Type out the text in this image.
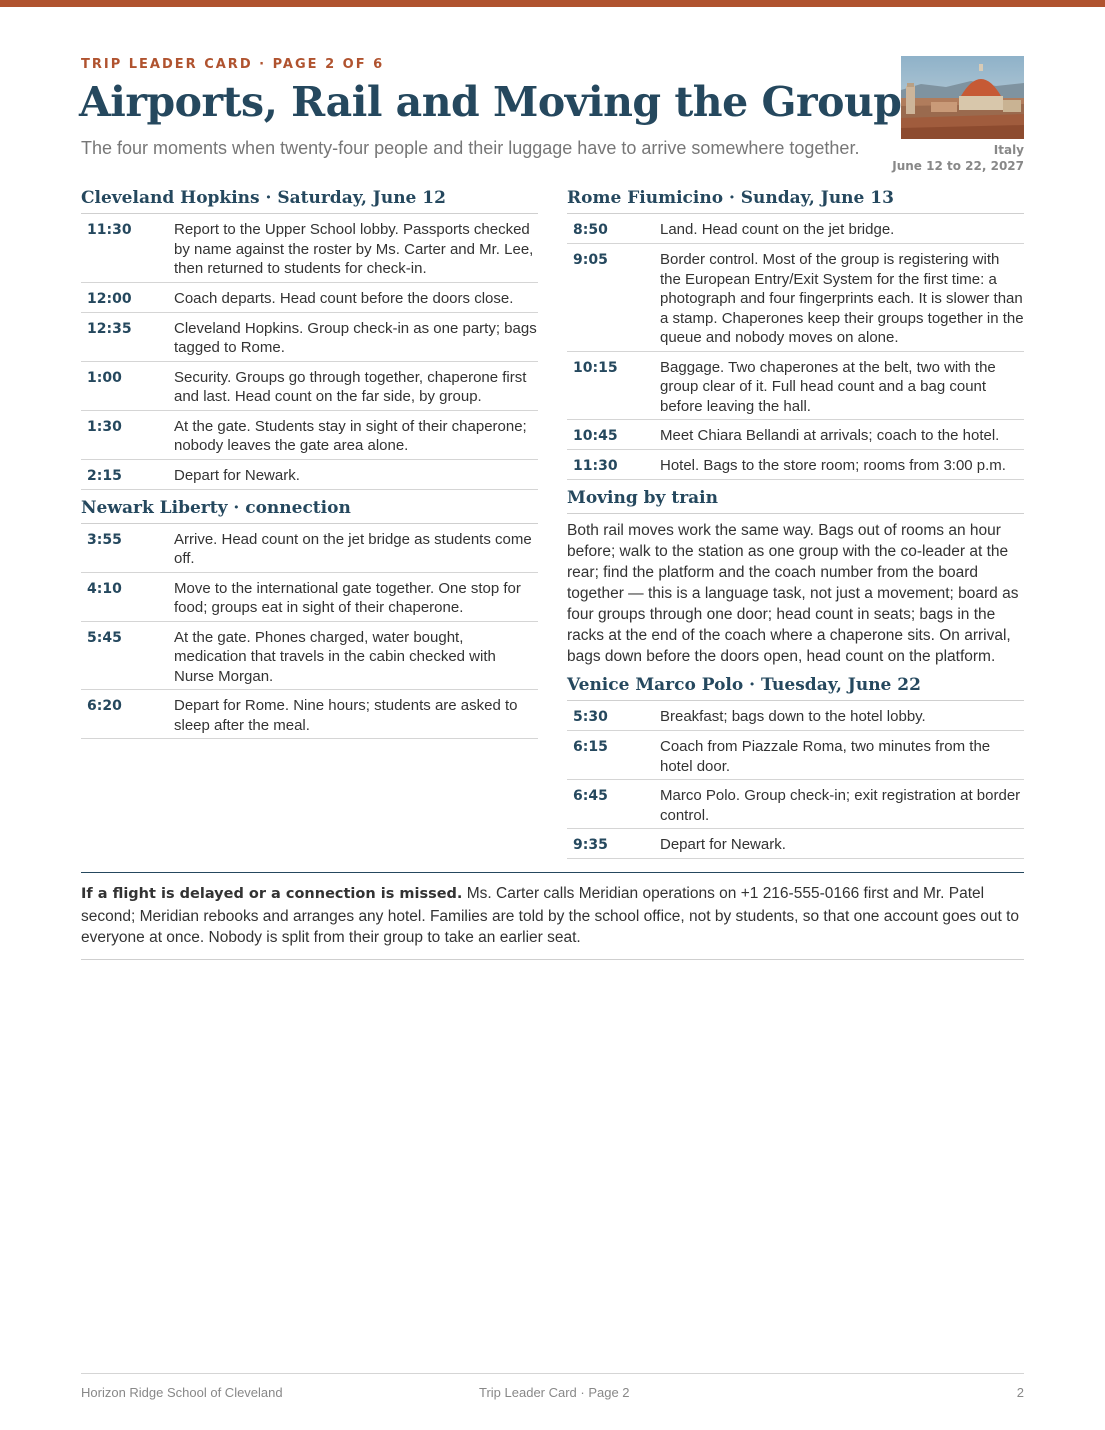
TRIP LEADER CARD · PAGE 2 OF 6
Airports, Rail and Moving the Group

The four moments when twenty-four people and their luggage have to arrive somewhere together.	Italy
June 12 to 22, 2027
Cleveland Hopkins · Saturday, June 12
11:30	Report to the Upper School lobby. Passports checked by name against the roster by Ms. Carter and Mr. Lee, then returned to students for check-in.
12:00	Coach departs. Head count before the doors close.
12:35	Cleveland Hopkins. Group check-in as one party; bags tagged to Rome.
1:00	Security. Groups go through together, chaperone first and last. Head count on the far side, by group.
1:30	At the gate. Students stay in sight of their chaperone; nobody leaves the gate area alone.
2:15	Depart for Newark.
Newark Liberty · connection
3:55	Arrive. Head count on the jet bridge as students come off.
4:10	Move to the international gate together. One stop for food; groups eat in sight of their chaperone.
5:45	At the gate. Phones charged, water bought, medication that travels in the cabin checked with Nurse Morgan.
6:20	Depart for Rome. Nine hours; students are asked to sleep after the meal.
Rome Fiumicino · Sunday, June 13
8:50	Land. Head count on the jet bridge.
9:05	Border control. Most of the group is registering with the European Entry/Exit System for the first time: a photograph and four fingerprints each. It is slower than a stamp. Chaperones keep their groups together in the queue and nobody moves on alone.
10:15	Baggage. Two chaperones at the belt, two with the group clear of it. Full head count and a bag count before leaving the hall.
10:45	Meet Chiara Bellandi at arrivals; coach to the hotel.
11:30	Hotel. Bags to the store room; rooms from 3:00 p.m.
Moving by train

Both rail moves work the same way. Bags out of rooms an hour before; walk to the station as one group with the co-leader at the rear; find the platform and the coach number from the board together — this is a language task, not just a movement; board as four groups through one door; head count in seats; bags in the racks at the end of the coach where a chaperone sits. On arrival, bags down before the doors open, head count on the platform.

Venice Marco Polo · Tuesday, June 22
5:30	Breakfast; bags down to the hotel lobby.
6:15	Coach from Piazzale Roma, two minutes from the hotel door.
6:45	Marco Polo. Group check-in; exit registration at border control.
9:35	Depart for Newark.
If a flight is delayed or a connection is missed. Ms. Carter calls Meridian operations on +1 216-555-0166 first and Mr. Patel second; Meridian rebooks and arranges any hotel. Families are told by the school office, not by students, so that one account goes out to everyone at once. Nobody is split from their group to take an earlier seat.
Horizon Ridge School of Cleveland	Trip Leader Card · Page 2	2
